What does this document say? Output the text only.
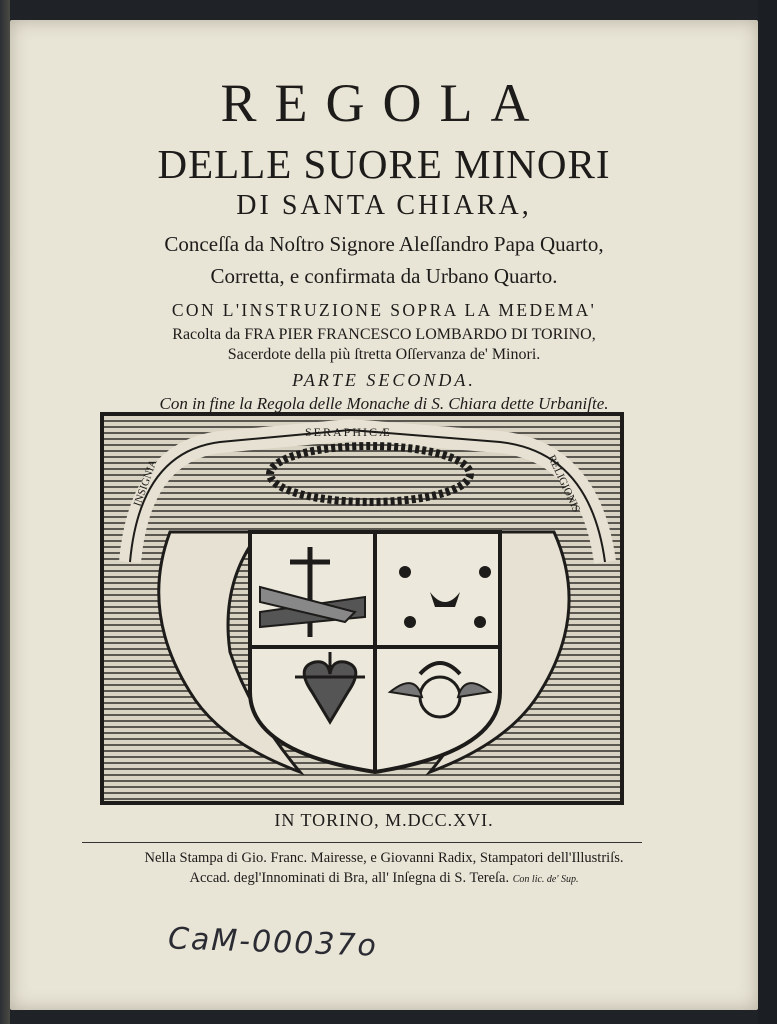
REGOLA
DELLE SUORE MINORI
DI SANTA CHIARA,
Conceſſa da Noſtro Signore Aleſſandro Papa Quarto,
Corretta, e confirmata da Urbano Quarto.
CON L'INSTRUZIONE SOPRA LA MEDEMA'
Racolta da FRA PIER FRANCESCO LOMBARDO DI TORINO,
Sacerdote della più ſtretta Oſſervanza de' Minori.
PARTE SECONDA.
Con in fine la Regola delle Monache di S. Chiara dette Urbaniſte.
INSIGNIA
SERAPHICÆ
RELIGIONIS
IN TORINO, M.DCC.XVI.
Nella Stampa di Gio. Franc. Mairesse, e Giovanni Radix, Stampatori dell'Illustriſs.
Accad. degl'Innominati di Bra, all' Inſegna di S. Tereſa. Con lic. de' Sup.
CaM-00037o
